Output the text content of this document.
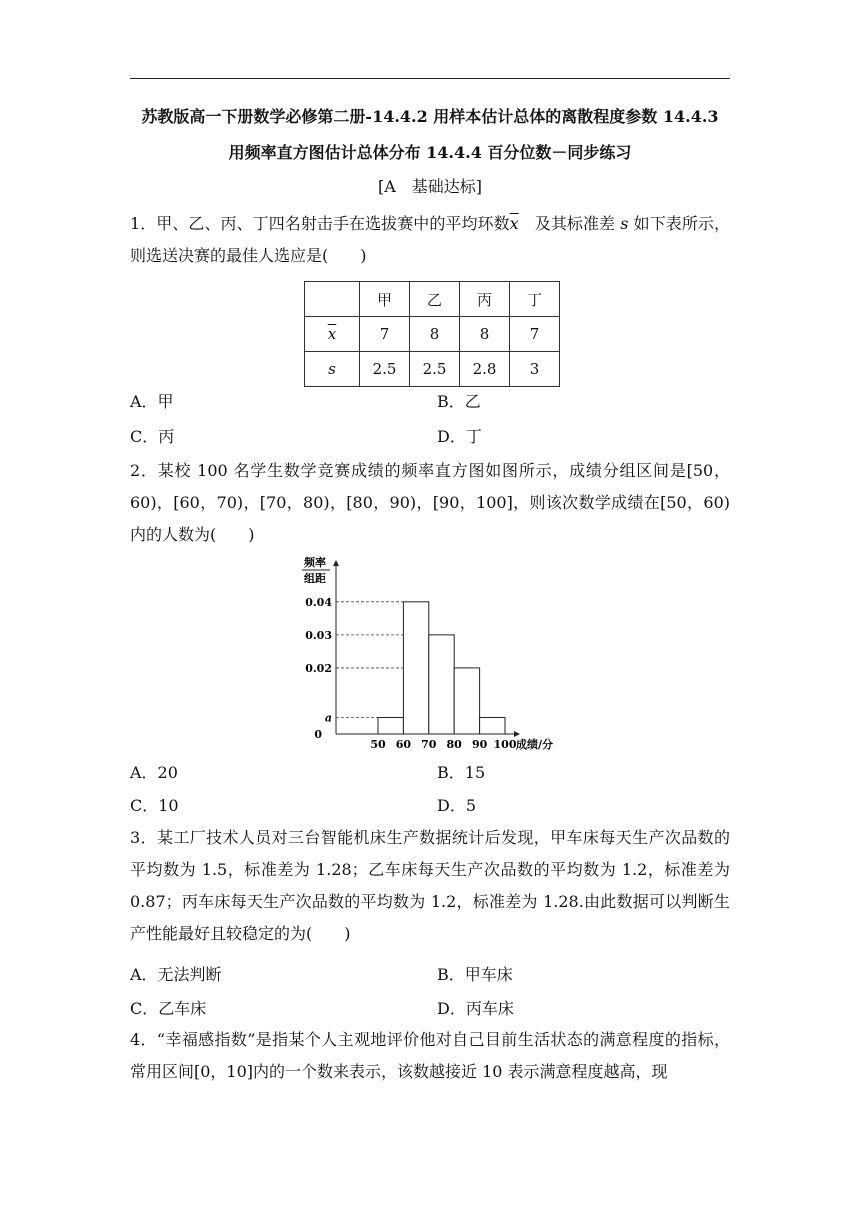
苏教版高一下册数学必修第二册-14.4.2 用样本估计总体的离散程度参数 14.4.3
用频率直方图估计总体分布 14.4.4 百分位数－同步练习
[A　基础达标]

1．甲、乙、丙、丁四名射击手在选拔赛中的平均环数$\overline{x}$　 及其标准差 s 如下表所示，则选送决赛的最佳人选应是(　　)

	甲	乙	丙	丁
$\overline{x}$	7	8	8	7
s	2.5	2.5	2.8	3
A．甲	B．乙
C．丙	D．丁

2．某校 100 名学生数学竞赛成绩的频率直方图如图所示，成绩分组区间是[50，60)，[60，70)，[70，80)，[80，90)，[90，100]，则该次数学成绩在[50，60)内的人数为(　　)

频率
组距
0.04
0.03
0.02
a
0
50 60 70 80 90 100 成绩/分
A．20	B．15
C．10	D．5

3．某工厂技术人员对三台智能机床生产数据统计后发现，甲车床每天生产次品数的平均数为 1.5，标准差为 1.28；乙车床每天生产次品数的平均数为 1.2，标准差为 0.87；丙车床每天生产次品数的平均数为 1.2，标准差为 1.28.由此数据可以判断生产性能最好且较稳定的为(　　)

A．无法判断	B．甲车床
C．乙车床	D．丙车床

4．“幸福感指数”是指某个人主观地评价他对自己目前生活状态的满意程度的指标，常用区间[0，10]内的一个数来表示，该数越接近 10 表示满意程度越高，现
